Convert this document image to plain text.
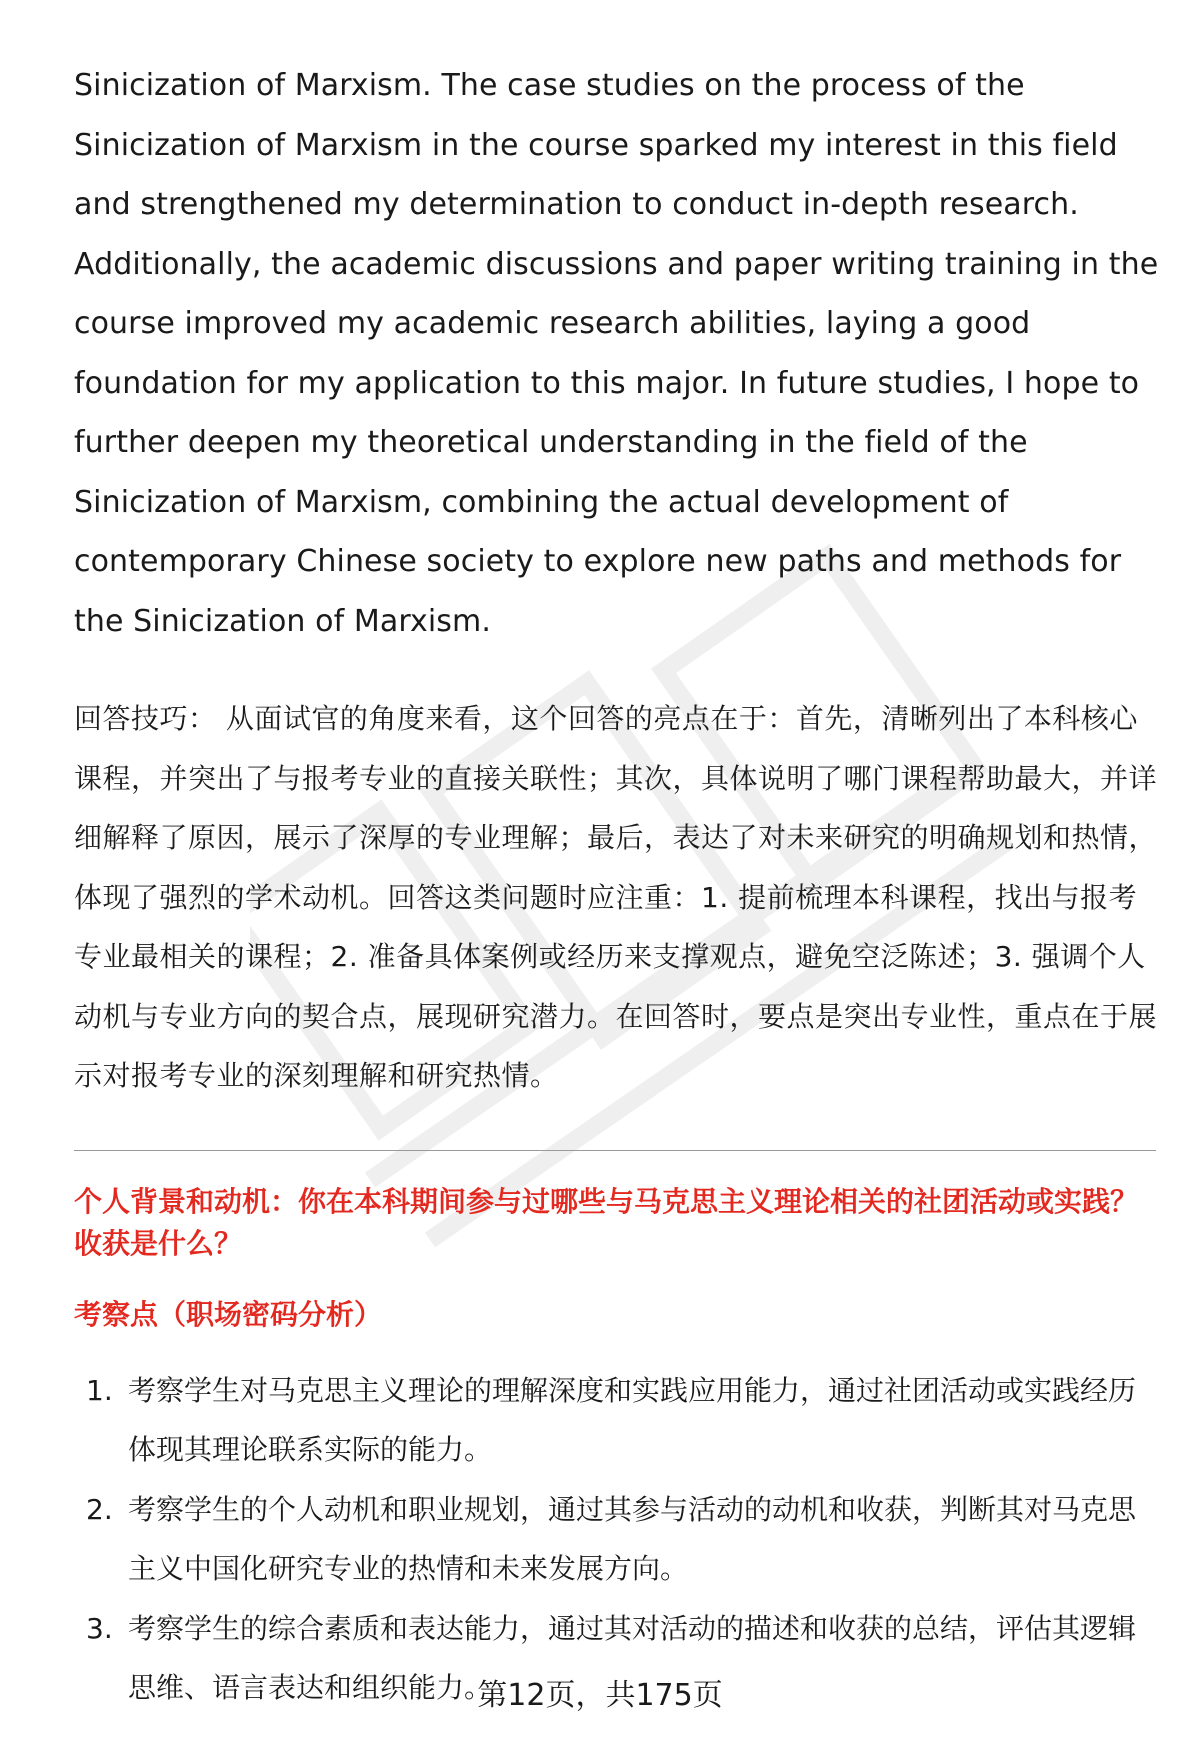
Sinicization of Marxism. The case studies on the process of the Sinicization of Marxism in the course sparked my interest in this field and strengthened my determination to conduct in-depth research. Additionally, the academic discussions and paper writing training in the course improved my academic research abilities, laying a good foundation for my application to this major. In future studies, I hope to further deepen my theoretical understanding in the field of the Sinicization of Marxism, combining the actual development of contemporary Chinese society to explore new paths and methods for the Sinicization of Marxism.

回答技巧： 从面试官的角度来看，这个回答的亮点在于：首先，清晰列出了本科核心课程，并突出了与报考专业的直接关联性；其次，具体说明了哪门课程帮助最大，并详细解释了原因，展示了深厚的专业理解；最后，表达了对未来研究的明确规划和热情，体现了强烈的学术动机。回答这类问题时应注重：1. 提前梳理本科课程，找出与报考专业最相关的课程；2. 准备具体案例或经历来支撑观点，避免空泛陈述；3. 强调个人动机与专业方向的契合点，展现研究潜力。在回答时，要点是突出专业性，重点在于展示对报考专业的深刻理解和研究热情。

个人背景和动机：你在本科期间参与过哪些与马克思主义理论相关的社团活动或实践？收获是什么？

考察点（职场密码分析）

1. 考察学生对马克思主义理论的理解深度和实践应用能力，通过社团活动或实践经历体现其理论联系实际的能力。
2. 考察学生的个人动机和职业规划，通过其参与活动的动机和收获，判断其对马克思主义中国化研究专业的热情和未来发展方向。
3. 考察学生的综合素质和表达能力，通过其对活动的描述和收获的总结，评估其逻辑思维、语言表达和组织能力。
第12页，共175页
